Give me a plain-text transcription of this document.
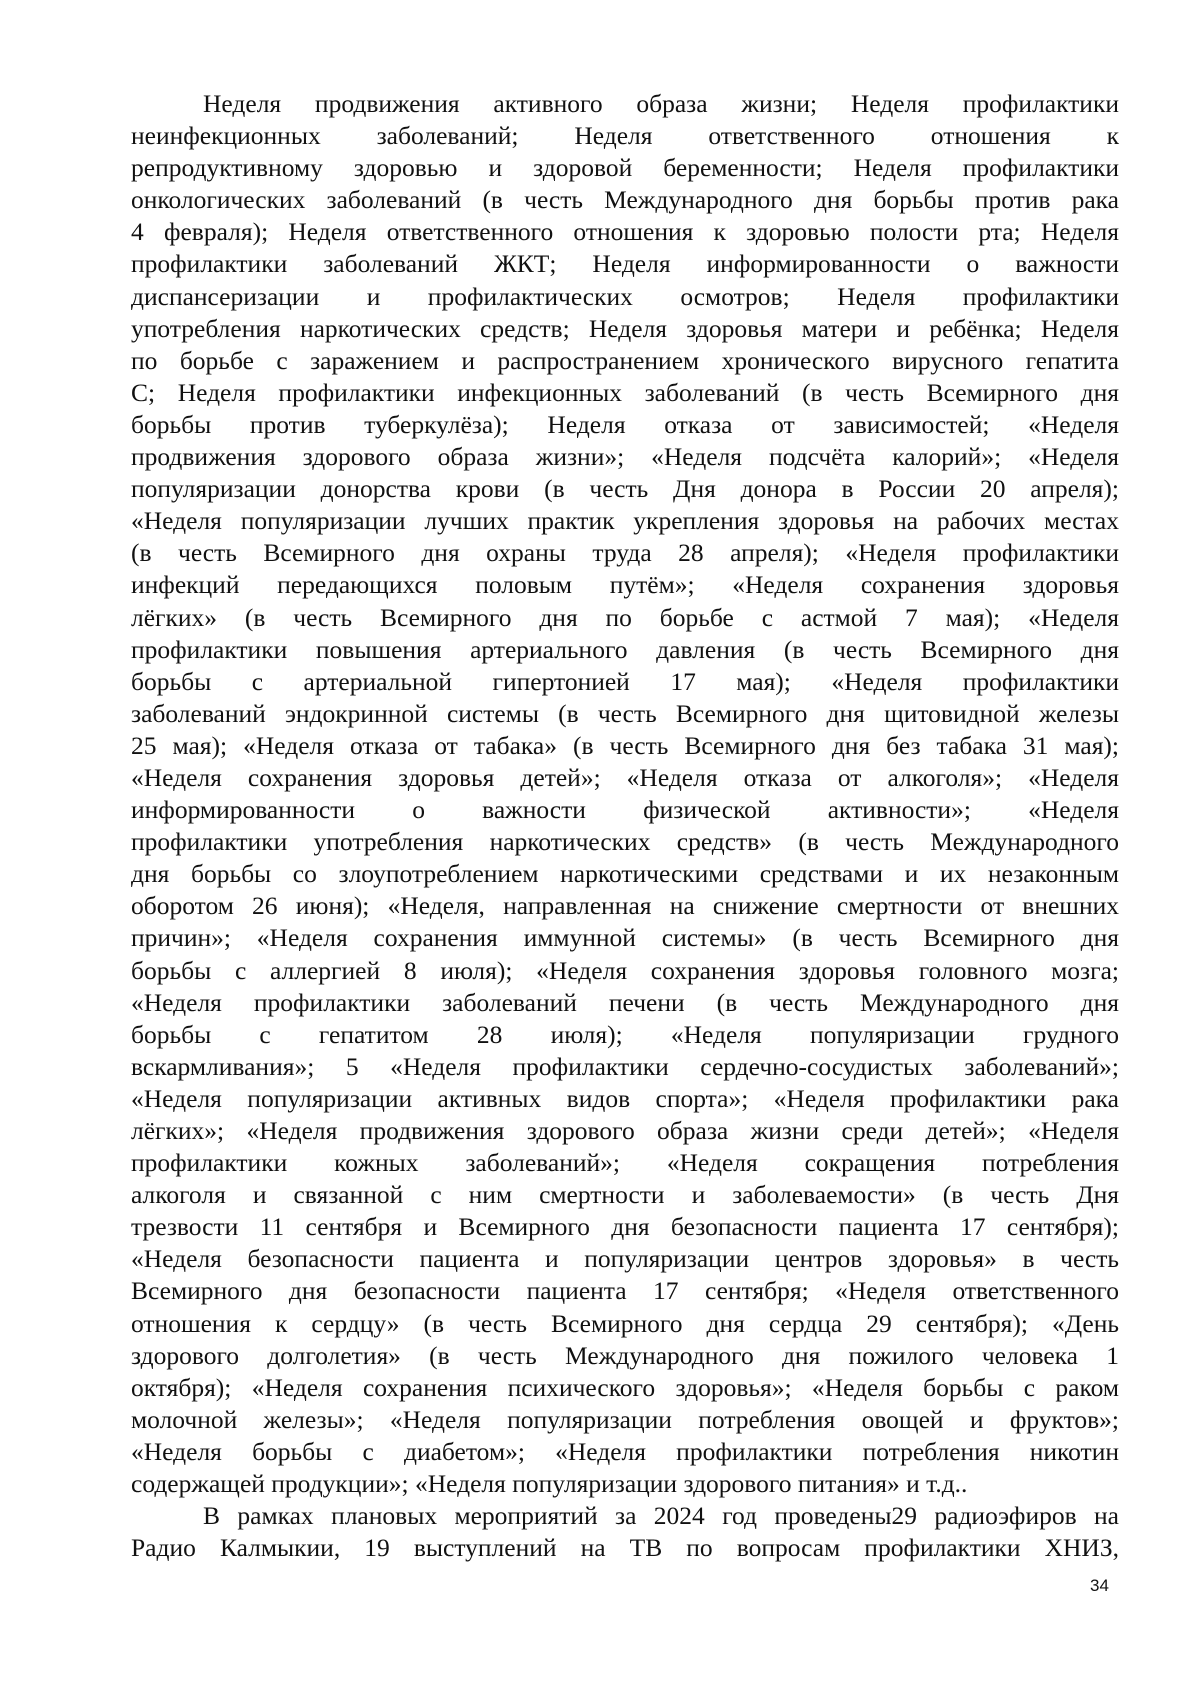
Неделя продвижения активного образа жизни; Неделя профилактики
неинфекционных заболеваний; Неделя ответственного отношения к
репродуктивному здоровью и здоровой беременности; Неделя профилактики
онкологических заболеваний (в честь Международного дня борьбы против рака
4 февраля); Неделя ответственного отношения к здоровью полости рта; Неделя
профилактики заболеваний ЖКТ; Неделя информированности о важности
диспансеризации и профилактических осмотров; Неделя профилактики
употребления наркотических средств; Неделя здоровья матери и ребёнка; Неделя
по борьбе с заражением и распространением хронического вирусного гепатита
С; Неделя профилактики инфекционных заболеваний (в честь Всемирного дня
борьбы против туберкулёза); Неделя отказа от зависимостей; «Неделя
продвижения здорового образа жизни»; «Неделя подсчёта калорий»; «Неделя
популяризации донорства крови (в честь Дня донора в России 20 апреля);
«Неделя популяризации лучших практик укрепления здоровья на рабочих местах
(в честь Всемирного дня охраны труда 28 апреля); «Неделя профилактики
инфекций передающихся половым путём»; «Неделя сохранения здоровья
лёгких» (в честь Всемирного дня по борьбе с астмой 7 мая); «Неделя
профилактики повышения артериального давления (в честь Всемирного дня
борьбы с артериальной гипертонией 17 мая); «Неделя профилактики
заболеваний эндокринной системы (в честь Всемирного дня щитовидной железы
25 мая); «Неделя отказа от табака» (в честь Всемирного дня без табака 31 мая);
«Неделя сохранения здоровья детей»; «Неделя отказа от алкоголя»; «Неделя
информированности о важности физической активности»; «Неделя
профилактики употребления наркотических средств» (в честь Международного
дня борьбы со злоупотреблением наркотическими средствами и их незаконным
оборотом 26 июня); «Неделя, направленная на снижение смертности от внешних
причин»; «Неделя сохранения иммунной системы» (в честь Всемирного дня
борьбы с аллергией 8 июля); «Неделя сохранения здоровья головного мозга;
«Неделя профилактики заболеваний печени (в честь Международного дня
борьбы с гепатитом 28 июля); «Неделя популяризации грудного
вскармливания»; 5 «Неделя профилактики сердечно-сосудистых заболеваний»;
«Неделя популяризации активных видов спорта»; «Неделя профилактики рака
лёгких»; «Неделя продвижения здорового образа жизни среди детей»; «Неделя
профилактики кожных заболеваний»; «Неделя сокращения потребления
алкоголя и связанной с ним смертности и заболеваемости» (в честь Дня
трезвости 11 сентября и Всемирного дня безопасности пациента 17 сентября);
«Неделя безопасности пациента и популяризации центров здоровья» в честь
Всемирного дня безопасности пациента 17 сентября; «Неделя ответственного
отношения к сердцу» (в честь Всемирного дня сердца 29 сентября); «День
здорового долголетия» (в честь Международного дня пожилого человека 1
октября); «Неделя сохранения психического здоровья»; «Неделя борьбы с раком
молочной железы»; «Неделя популяризации потребления овощей и фруктов»;
«Неделя борьбы с диабетом»; «Неделя профилактики потребления никотин
содержащей продукции»; «Неделя популяризации здорового питания» и т.д..
В рамках плановых мероприятий за 2024 год проведены29 радиоэфиров на
Радио Калмыкии, 19 выступлений на ТВ по вопросам профилактики ХНИЗ,
34
